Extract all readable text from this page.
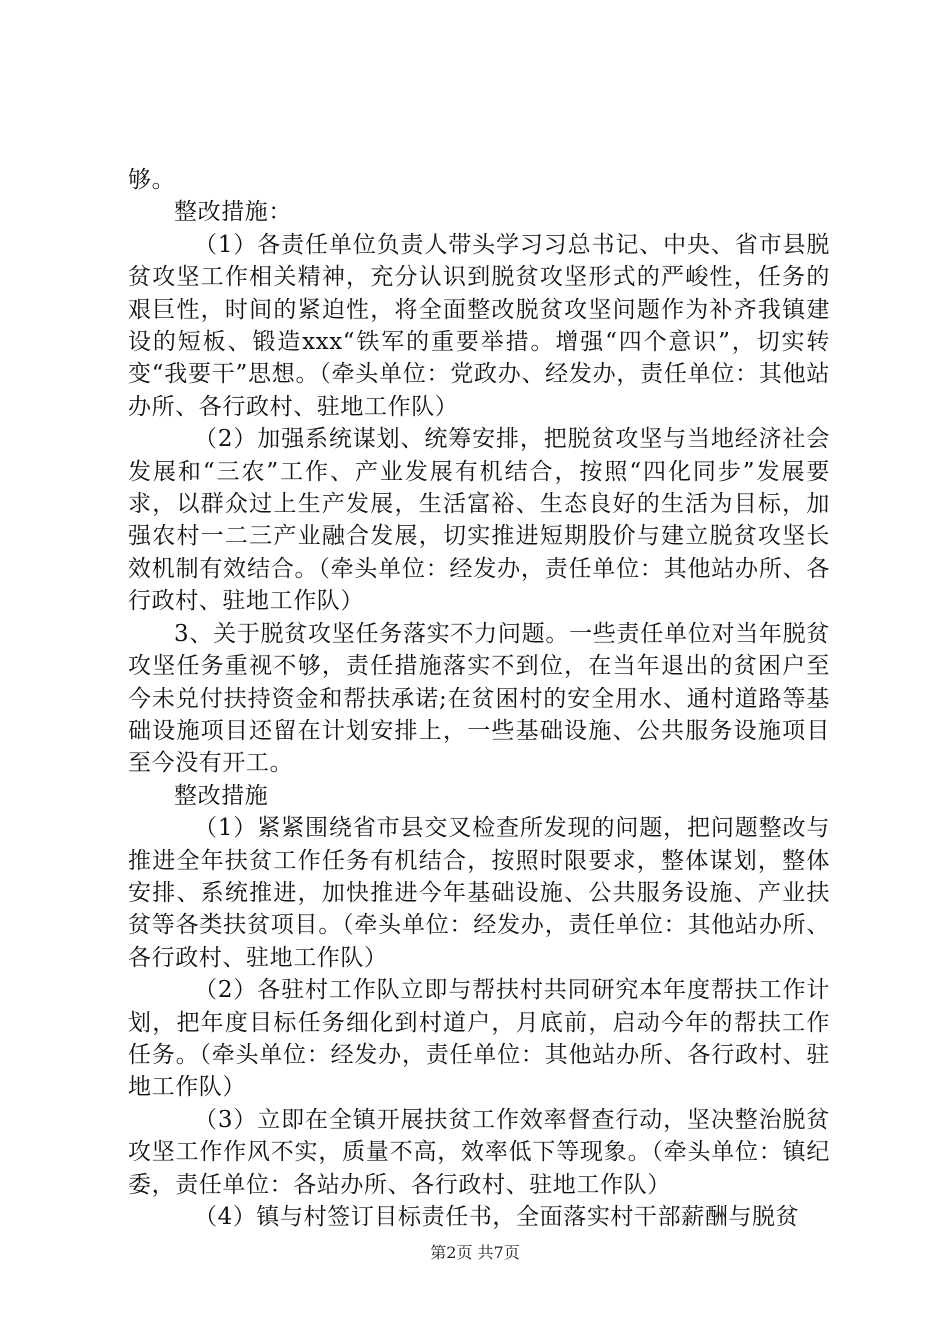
够。

整改措施：

（1）各责任单位负责人带头学习习总书记、中央、省市县脱贫攻坚工作相关精神，充分认识到脱贫攻坚形式的严峻性，任务的艰巨性，时间的紧迫性，将全面整改脱贫攻坚问题作为补齐我镇建设的短板、锻造xxx“铁军的重要举措。增强“四个意识”，切实转变“我要干”思想。（牵头单位：党政办、经发办，责任单位：其他站办所、各行政村、驻地工作队）

（2）加强系统谋划、统筹安排，把脱贫攻坚与当地经济社会发展和“三农”工作、产业发展有机结合，按照“四化同步”发展要求，以群众过上生产发展，生活富裕、生态良好的生活为目标，加强农村一二三产业融合发展，切实推进短期股价与建立脱贫攻坚长效机制有效结合。（牵头单位：经发办，责任单位：其他站办所、各行政村、驻地工作队）

3、关于脱贫攻坚任务落实不力问题。一些责任单位对当年脱贫攻坚任务重视不够，责任措施落实不到位，在当年退出的贫困户至今未兑付扶持资金和帮扶承诺;在贫困村的安全用水、通村道路等基础设施项目还留在计划安排上，一些基础设施、公共服务设施项目至今没有开工。

整改措施

（1）紧紧围绕省市县交叉检查所发现的问题，把问题整改与推进全年扶贫工作任务有机结合，按照时限要求，整体谋划，整体安排、系统推进，加快推进今年基础设施、公共服务设施、产业扶贫等各类扶贫项目。（牵头单位：经发办，责任单位：其他站办所、各行政村、驻地工作队）

（2）各驻村工作队立即与帮扶村共同研究本年度帮扶工作计划，把年度目标任务细化到村道户，月底前，启动今年的帮扶工作任务。（牵头单位：经发办，责任单位：其他站办所、各行政村、驻地工作队）

（3）立即在全镇开展扶贫工作效率督查行动，坚决整治脱贫攻坚工作作风不实，质量不高，效率低下等现象。（牵头单位：镇纪委，责任单位：各站办所、各行政村、驻地工作队）

（4）镇与村签订目标责任书，全面落实村干部薪酬与脱贫

第2页 共7页
